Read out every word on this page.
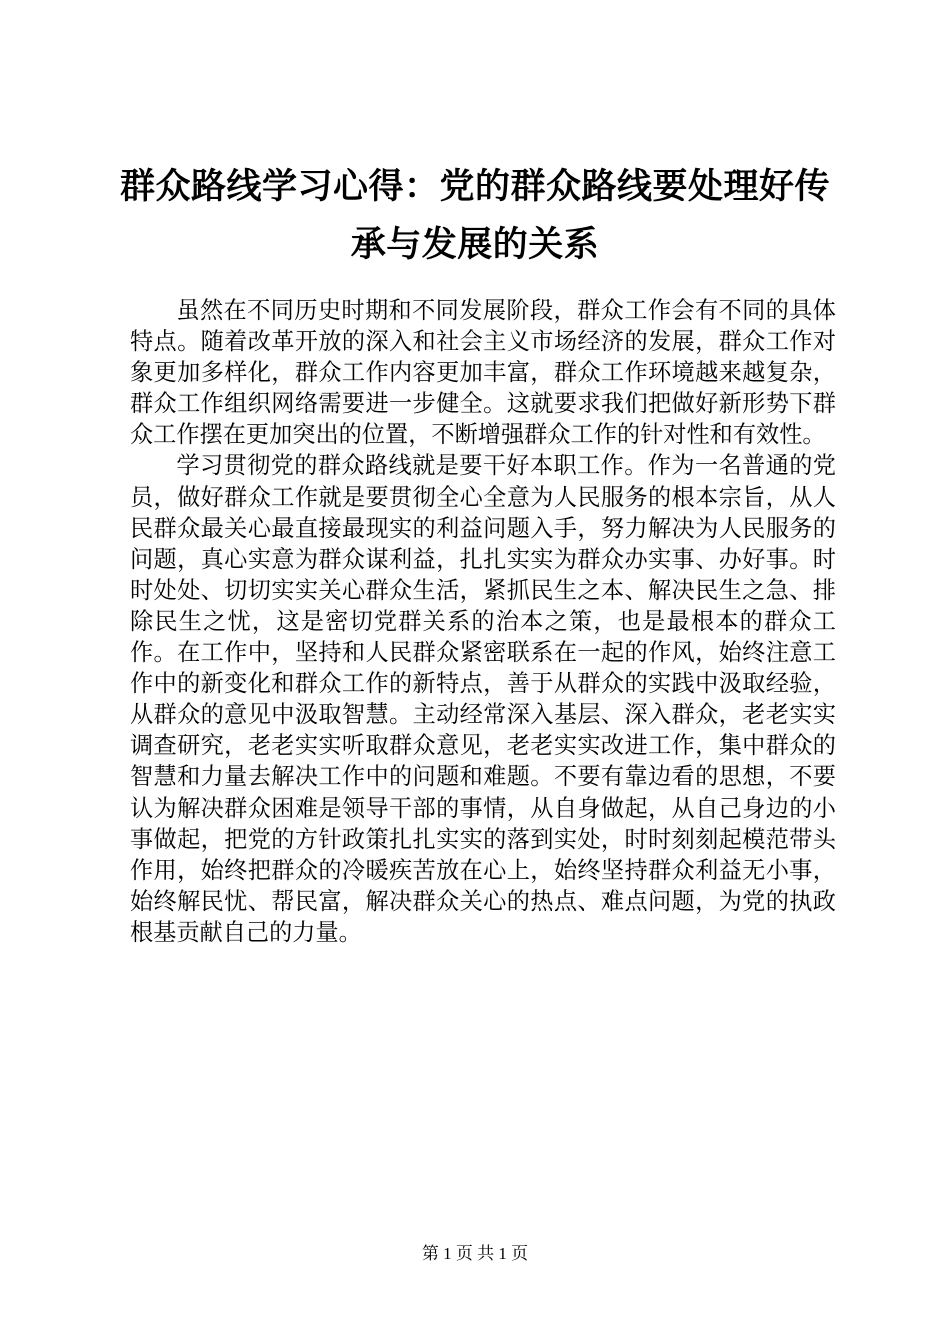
群众路线学习心得：党的群众路线要处理好传
承与发展的关系

虽然在不同历史时期和不同发展阶段，群众工作会有不同的具体特点。随着改革开放的深入和社会主义市场经济的发展，群众工作对象更加多样化，群众工作内容更加丰富，群众工作环境越来越复杂，群众工作组织网络需要进一步健全。这就要求我们把做好新形势下群众工作摆在更加突出的位置，不断增强群众工作的针对性和有效性。

学习贯彻党的群众路线就是要干好本职工作。作为一名普通的党员，做好群众工作就是要贯彻全心全意为人民服务的根本宗旨，从人民群众最关心最直接最现实的利益问题入手，努力解决为人民服务的问题，真心实意为群众谋利益，扎扎实实为群众办实事、办好事。时时处处、切切实实关心群众生活，紧抓民生之本、解决民生之急、排除民生之忧，这是密切党群关系的治本之策，也是最根本的群众工作。在工作中，坚持和人民群众紧密联系在一起的作风，始终注意工作中的新变化和群众工作的新特点，善于从群众的实践中汲取经验，从群众的意见中汲取智慧。主动经常深入基层、深入群众，老老实实调查研究，老老实实听取群众意见，老老实实改进工作，集中群众的智慧和力量去解决工作中的问题和难题。不要有靠边看的思想，不要认为解决群众困难是领导干部的事情，从自身做起，从自己身边的小事做起，把党的方针政策扎扎实实的落到实处，时时刻刻起模范带头作用，始终把群众的冷暖疾苦放在心上，始终坚持群众利益无小事，始终解民忧、帮民富，解决群众关心的热点、难点问题，为党的执政根基贡献自己的力量。

第 1 页 共 1 页
